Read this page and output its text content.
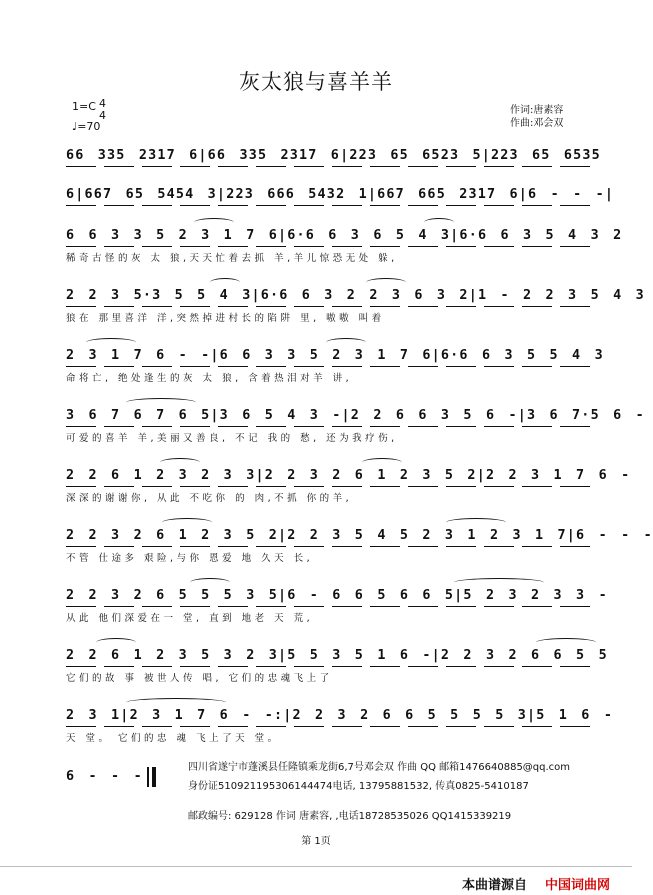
灰太狼与喜羊羊
1=C 4
4
♩=70
作词:唐素容
作曲:邓会双
66 335 2317 6|66 335 2317 6|223 65 6523 5|223 65 6535
6|667 65 5454 3|223 666 5432 1|667 665 2317 6|6 - - -|
6 6 3 3 5 2 3 1 7 6|6·6 6 3 6 5 4 3|6·6 6 3 5 4 3 2
稀奇古怪的灰 太 狼,天天忙着去抓 羊,羊儿惊恐无处 躲,
2 2 3 5·3 5 5 4 3|6·6 6 3 2 2 3 6 3 2|1 - 2 2 3 5 4 3
狼在 那里喜洋 洋,突然掉进村长的陷阱 里, 嗷嗷 叫着
2 3 1 7 6 - -|6 6 3 3 5 2 3 1 7 6|6·6 6 3 5 5 4 3
命将亡, 绝处逢生的灰 太 狼, 含着热泪对羊 讲,
3 6 7 6 7 6 5|3 6 5 4 3 -|2 2 6 6 3 5 6 -|3 6 7·5 6 -
可爱的喜羊 羊,美丽又善良, 不记 我的 愁, 还为我疗伤,
2 2 6 1 2 3 2 3 3|2 2 3 2 6 1 2 3 5 2|2 2 3 1 7 6 -
深深的谢谢你, 从此 不吃你 的 肉,不抓 你的羊,
2 2 3 2 6 1 2 3 5 2|2 2 3 5 4 5 2 3 1 2 3 1 7|6 - - -
不管 仕途多 艰险,与你 恩爱 地 久天 长,
2 2 3 2 6 5 5 5 3 5|6 - 6 6 5 6 6 5|5 2 3 2 3 3 -
从此 他们深爱在一 堂, 直到 地老 天 荒,
2 2 6 1 2 3 5 3 2 3|5 5 3 5 1 6 -|2 2 3 2 6 6 5 5
它们的故 事 被世人传 唱, 它们的忠魂飞上了
2 3 1|2 3 1 7 6 - -:|2 2 3 2 6 6 5 5 5 5 3|5 1 6 -
天 堂。 它们的忠 魂 飞上了天 堂。
6 - - -
四川省遂宁市蓬溪县任隆镇乘龙街6,7号邓会双 作曲 QQ 邮箱1476640885@qq.com
身份证510921195306144474电话, 13795881532, 传真0825-5410187
邮政编号: 629128 作词 唐素容, ,电话18728535026 QQ1415339219
第 1页
本曲谱源自 中国词曲网
